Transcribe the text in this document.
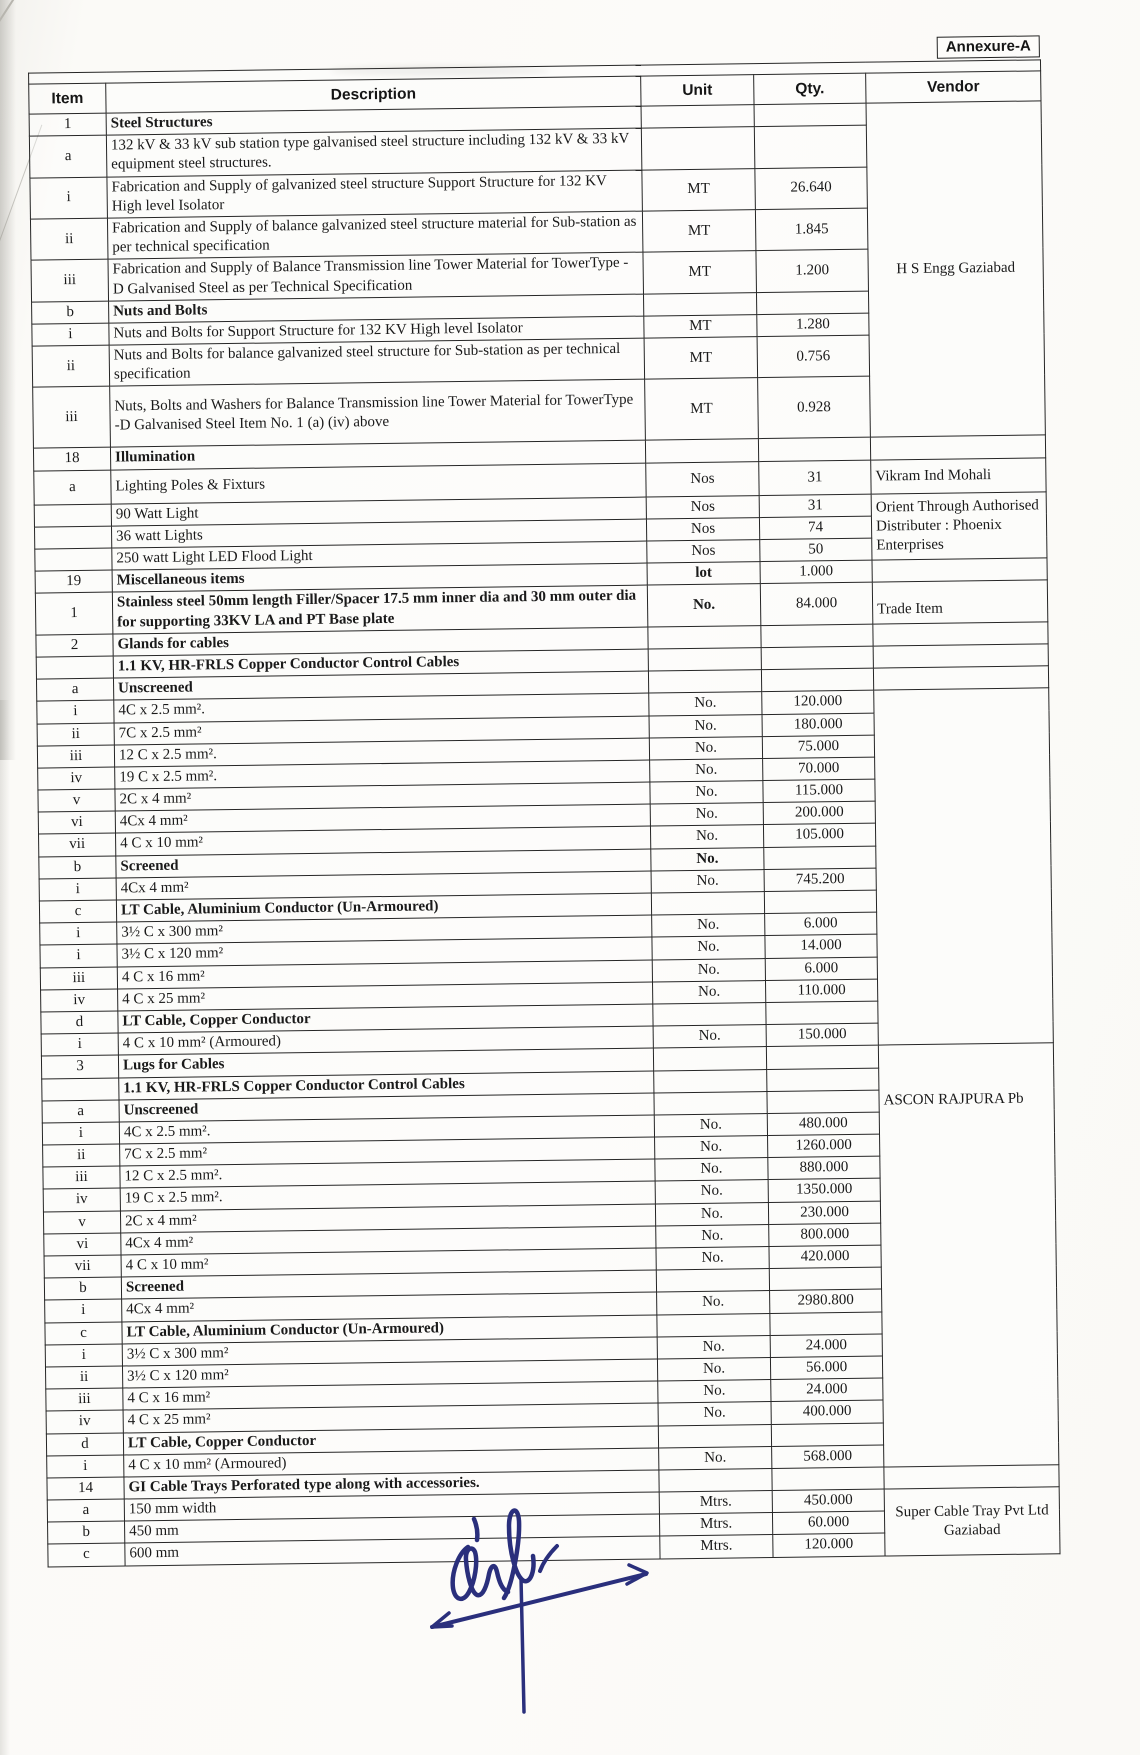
Annexure-A

Item	Description	Unit	Qty.	Vendor
1	Steel Structures			H S Engg Gaziabad
a	132 kV & 33 kV sub station type galvanised steel structure including 132 kV & 33 kV equipment steel structures.			
i	Fabrication and Supply of galvanized steel structure Support Structure for 132 KV High level Isolator	MT	26.640	
ii	Fabrication and Supply of balance galvanized steel structure material for Sub-station as per technical specification	MT	1.845	
iii	Fabrication and Supply of Balance Transmission line Tower Material for TowerType -D Galvanised Steel as per Technical Specification	MT	1.200	
b	Nuts and Bolts			
i	Nuts and Bolts for Support Structure for 132 KV High level Isolator	MT	1.280	
ii	Nuts and Bolts for balance galvanized steel structure for Sub-station as per technical specification	MT	0.756	
iii	Nuts, Bolts and Washers for Balance Transmission line Tower Material for TowerType -D Galvanised Steel Item No. 1 (a) (iv) above	MT	0.928	
18	Illumination			
a	Lighting Poles & Fixturs	Nos	31	Vikram Ind Mohali
	90 Watt Light	Nos	31	Orient Through Authorised Distributer : Phoenix Enterprises
	36 watt Lights	Nos	74	
	250 watt Light LED Flood Light	Nos	50	
19	Miscellaneous items	lot	1.000	
1	Stainless steel 50mm length Filler/Spacer 17.5 mm inner dia and 30 mm outer dia for supporting 33KV LA and PT Base plate	No.	84.000	Trade Item
2	Glands for cables			
	1.1 KV, HR-FRLS Copper Conductor Control Cables			
a	Unscreened			
i	4C x 2.5 mm².	No.	120.000	
ii	7C x 2.5 mm²	No.	180.000	
iii	12 C x 2.5 mm².	No.	75.000	
iv	19 C x 2.5 mm².	No.	70.000	
v	2C x 4 mm²	No.	115.000	
vi	4Cx 4 mm²	No.	200.000	
vii	4 C x 10 mm²	No.	105.000	
b	Screened	No.		
i	4Cx 4 mm²	No.	745.200	
c	LT Cable, Aluminium Conductor (Un-Armoured)			
i	3½ C x 300 mm²	No.	6.000	
i	3½ C x 120 mm²	No.	14.000	
iii	4 C x 16 mm²	No.	6.000	
iv	4 C x 25 mm²	No.	110.000	
d	LT Cable, Copper Conductor			
i	4 C x 10 mm² (Armoured)	No.	150.000	
3	Lugs for Cables			ASCON RAJPURA Pb
	1.1 KV, HR-FRLS Copper Conductor Control Cables			
a	Unscreened			
i	4C x 2.5 mm².	No.	480.000	
ii	7C x 2.5 mm²	No.	1260.000	
iii	12 C x 2.5 mm².	No.	880.000	
iv	19 C x 2.5 mm².	No.	1350.000	
v	2C x 4 mm²	No.	230.000	
vi	4Cx 4 mm²	No.	800.000	
vii	4 C x 10 mm²	No.	420.000	
b	Screened			
i	4Cx 4 mm²	No.	2980.800	
c	LT Cable, Aluminium Conductor (Un-Armoured)			
i	3½ C x 300 mm²	No.	24.000	
ii	3½ C x 120 mm²	No.	56.000	
iii	4 C x 16 mm²	No.	24.000	
iv	4 C x 25 mm²	No.	400.000	
d	LT Cable, Copper Conductor			
i	4 C x 10 mm² (Armoured)	No.	568.000	
14	GI Cable Trays Perforated type along with accessories.			
a	150 mm width	Mtrs.	450.000	Super Cable Tray Pvt Ltd Gaziabad
b	450 mm	Mtrs.	60.000	
c	600 mm	Mtrs.	120.000	
